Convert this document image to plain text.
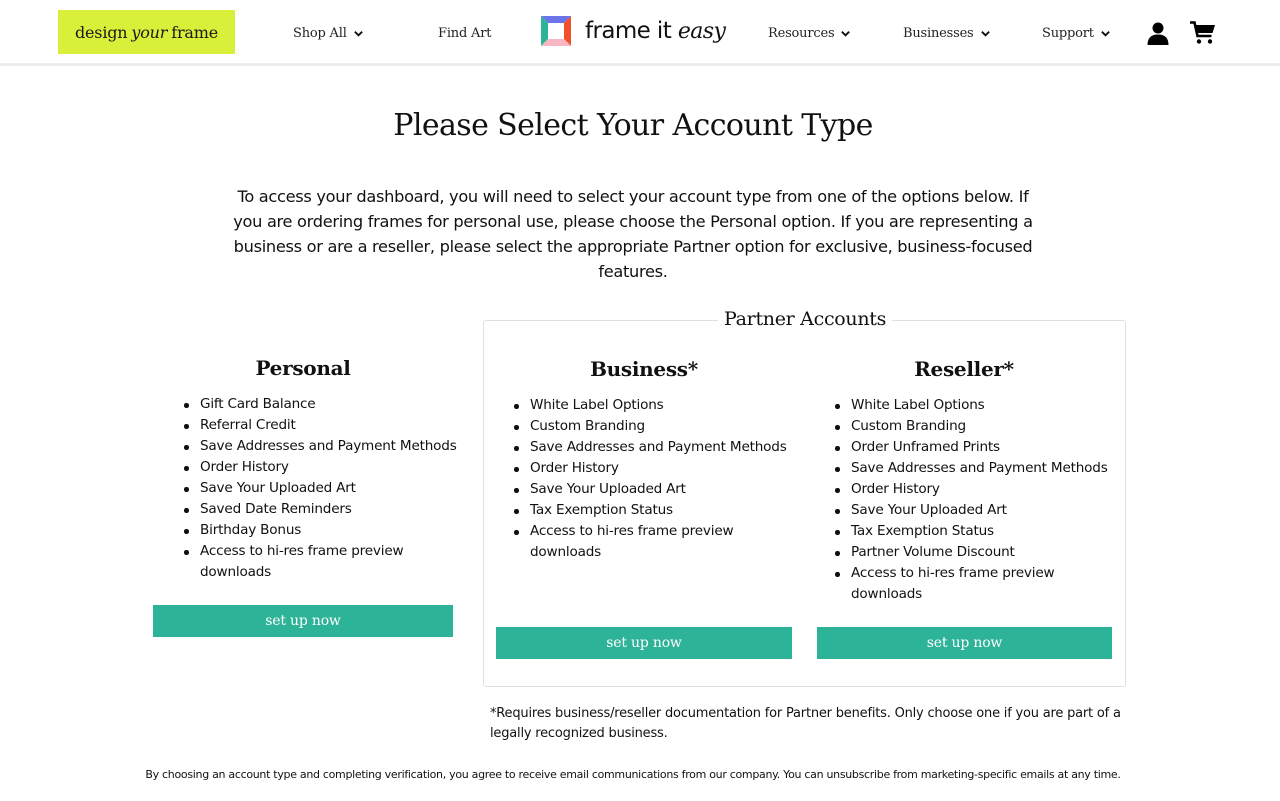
design your frame	Shop All	Find Art	frame it easy	Resources	Businesses	Support
Please Select Your Account Type

To access your dashboard, you will need to select your account type from one of the options below. If you are ordering frames for personal use, please choose the Personal option. If you are representing a business or are a reseller, please select the appropriate Partner option for exclusive, business-focused features.

Personal
Gift Card Balance
Referral Credit
Save Addresses and Payment Methods
Order History
Save Your Uploaded Art
Saved Date Reminders
Birthday Bonus
Access to hi-res frame preview downloads
set up now
Partner Accounts
Business*
White Label Options
Custom Branding
Save Addresses and Payment Methods
Order History
Save Your Uploaded Art
Tax Exemption Status
Access to hi-res frame preview downloads
set up now
Reseller*
White Label Options
Custom Branding
Order Unframed Prints
Save Addresses and Payment Methods
Order History
Save Your Uploaded Art
Tax Exemption Status
Partner Volume Discount
Access to hi-res frame preview downloads
set up now

*Requires business/reseller documentation for Partner benefits. Only choose one if you are part of a legally recognized business.

By choosing an account type and completing verification, you agree to receive email communications from our company. You can unsubscribe from marketing-specific emails at any time.
